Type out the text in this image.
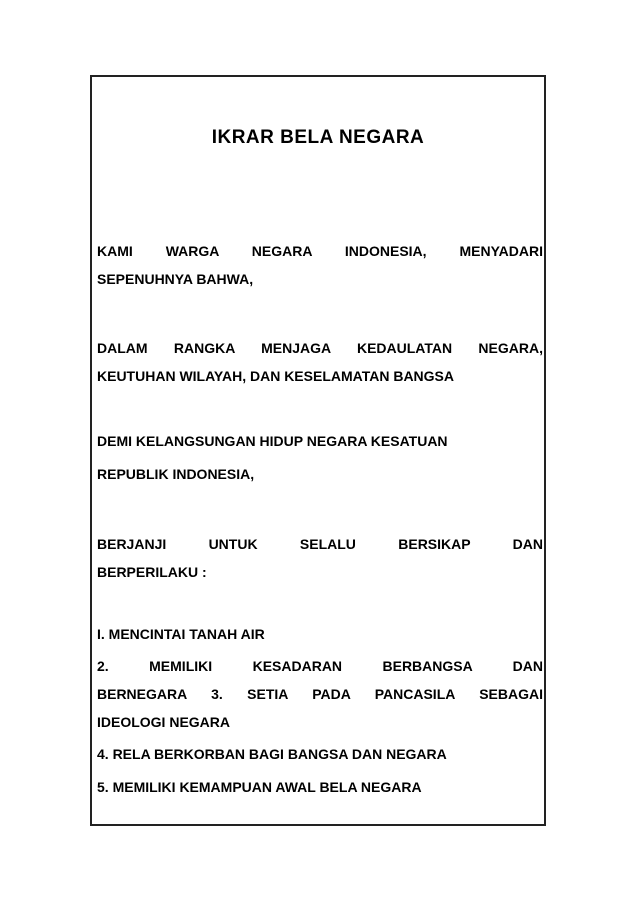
IKRAR BELA NEGARA
KAMI WARGA NEGARA INDONESIA, MENYADARI
SEPENUHNYA BAHWA,
DALAM RANGKA MENJAGA KEDAULATAN NEGARA,
KEUTUHAN WILAYAH, DAN KESELAMATAN BANGSA
DEMI KELANGSUNGAN HIDUP NEGARA KESATUAN
REPUBLIK INDONESIA,
BERJANJI UNTUK SELALU BERSIKAP DAN
BERPERILAKU :
I. MENCINTAI TANAH AIR
2. MEMILIKI KESADARAN BERBANGSA DAN
BERNEGARA 3. SETIA PADA PANCASILA SEBAGAI
IDEOLOGI NEGARA
4. RELA BERKORBAN BAGI BANGSA DAN NEGARA
5. MEMILIKI KEMAMPUAN AWAL BELA NEGARA
